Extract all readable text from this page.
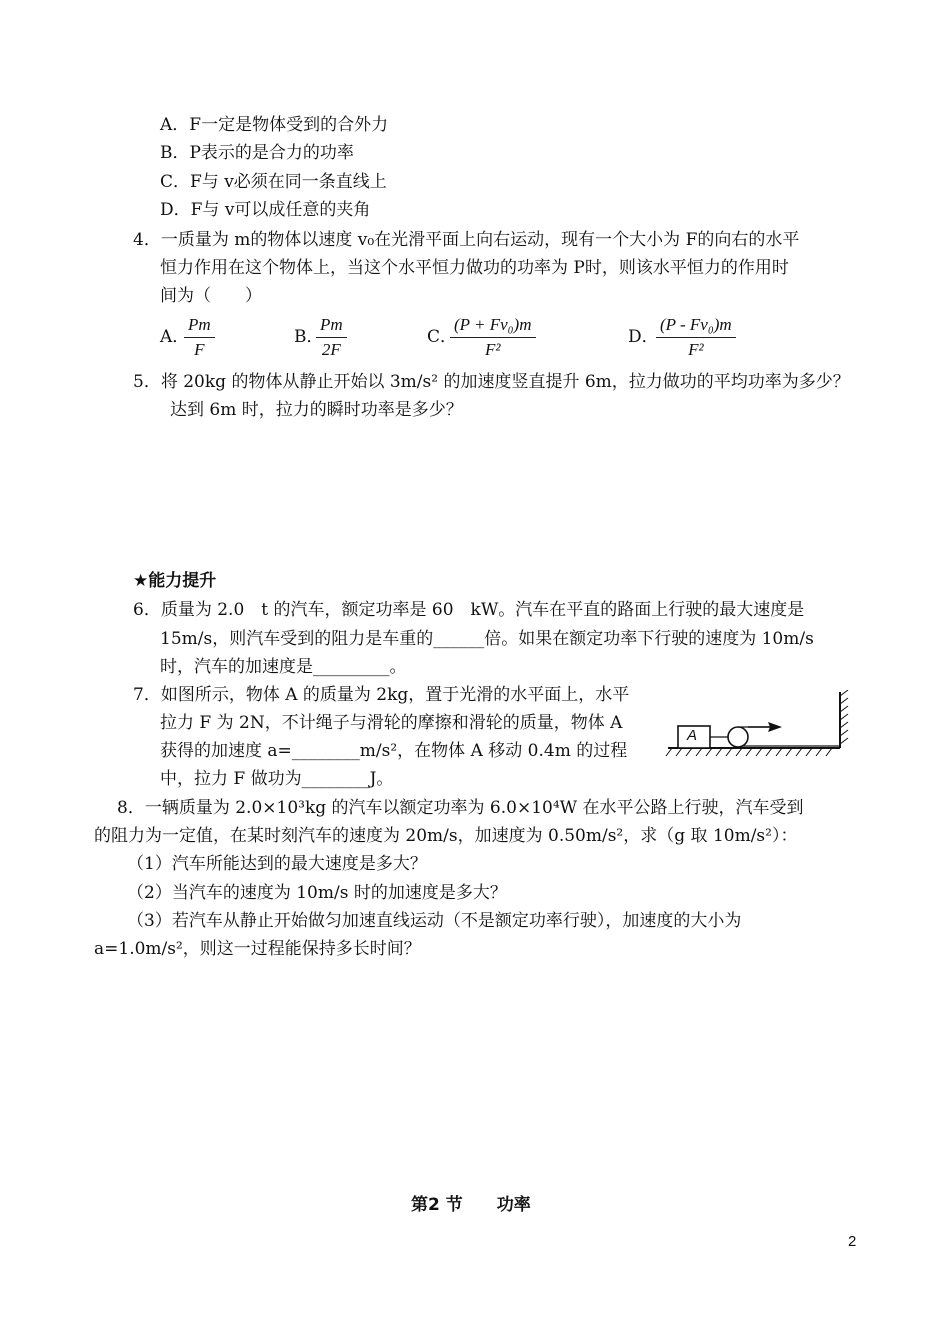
A．F一定是物体受到的合外力
B．P表示的是合力的功率
C．F与 v必须在同一条直线上
D．F与 v可以成任意的夹角
4．一质量为 m的物体以速度 v₀在光滑平面上向右运动，现有一个大小为 F的向右的水平
恒力作用在这个物体上，当这个水平恒力做功的功率为 P时，则该水平恒力的作用时
间为（　　）
A．
$\frac{Pm}{F}$	B．
$\frac{Pm}{2F}$	C．
$\frac{\text{(P + Fv₀)m}}{\text{F²}}$	D．
$\frac{\text{(P - Fv₀)m}}{\text{F²}}$
5．将 20kg 的物体从静止开始以 3m/s² 的加速度竖直提升 6m，拉力做功的平均功率为多少？
达到 6m 时，拉力的瞬时功率是多少？
★能力提升
6．质量为 2.0　t 的汽车，额定功率是 60　kW。汽车在平直的路面上行驶的最大速度是
15m/s，则汽车受到的阻力是车重的______倍。如果在额定功率下行驶的速度为 10m/s
时，汽车的加速度是_________。
7．如图所示，物体 A 的质量为 2kg，置于光滑的水平面上，水平
拉力 F 为 2N，不计绳子与滑轮的摩擦和滑轮的质量，物体 A
获得的加速度 a=________m/s²，在物体 A 移动 0.4m 的过程
中，拉力 F 做功为________J。
A
8．一辆质量为 2.0×10³kg 的汽车以额定功率为 6.0×10⁴W 在水平公路上行驶，汽车受到
的阻力为一定值，在某时刻汽车的速度为 20m/s，加速度为 0.50m/s²，求（g 取 10m/s²）：
（1）汽车所能达到的最大速度是多大？
（2）当汽车的速度为 10m/s 时的加速度是多大？
（3）若汽车从静止开始做匀加速直线运动（不是额定功率行驶），加速度的大小为
a=1.0m/s²，则这一过程能保持多长时间？
第2 节　　功率
2
